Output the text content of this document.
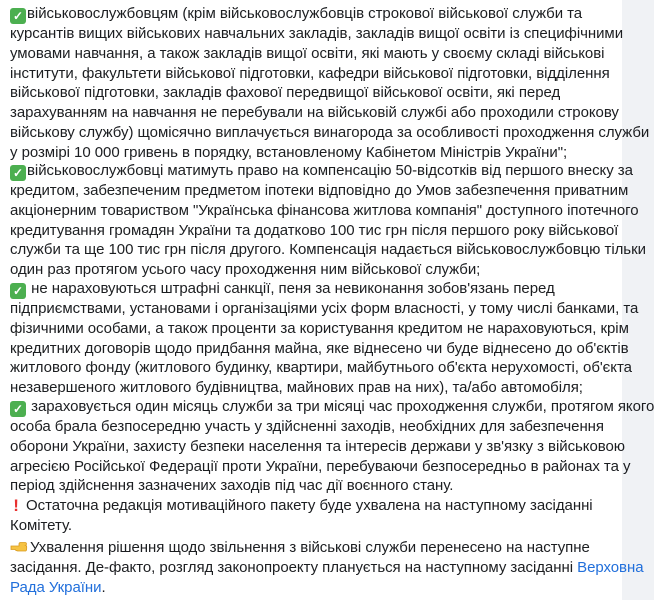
✓ військовослужбовцям (крім військовослужбовців строкової військової служби та
курсантів вищих військових навчальних закладів, закладів вищої освіти із специфічними
умовами навчання, а також закладів вищої освіти, які мають у своєму складі військові
інститути, факультети військової підготовки, кафедри військової підготовки, відділення
військової підготовки, закладів фахової передвищої військової освіти, які перед
зарахуванням на навчання не перебували на військовій службі або проходили строкову
військову службу) щомісячно виплачується винагорода за особливості проходження служби
у розмірі 10 000 гривень в порядку, встановленому Кабінетом Міністрів України";
✓ військовослужбовці матимуть право на компенсацію 50-відсотків від першого внеску за
кредитом, забезпеченим предметом іпотеки відповідно до Умов забезпечення приватним
акціонерним товариством "Українська фінансова житлова компанія" доступного іпотечного
кредитування громадян України та додатково 100 тис грн після першого року військової
служби та ще 100 тис грн після другого. Компенсація надається військовослужбовцю тільки
один раз протягом усього часу проходження ним військової служби;
✓ не нараховуються штрафні санкції, пеня за невиконання зобов'язань перед
підприємствами, установами і організаціями усіх форм власності, у тому числі банками, та
фізичними особами, а також проценти за користування кредитом не нараховуються, крім
кредитних договорів щодо придбання майна, яке віднесено чи буде віднесено до об'єктів
житлового фонду (житлового будинку, квартири, майбутнього об'єкта нерухомості, об'єкта
незавершеного житлового будівництва, майнових прав на них), та/або автомобіля;
✓ зараховується один місяць служби за три місяці час проходження служби, протягом якого
особа брала безпосередню участь у здійсненні заходів, необхідних для забезпечення
оборони України, захисту безпеки населення та інтересів держави у зв'язку з військовою
агресією Російської Федерації проти України, перебуваючи безпосередньо в районах та у
період здійснення зазначених заходів під час дії воєнного стану.
! Остаточна редакція мотиваційного пакету буде ухвалена на наступному засіданні
Комітету.
Ухвалення рішення щодо звільнення з військові служби перенесено на наступне
засідання. Де-факто, розгляд законопроекту планується на наступному засіданні Верховна
Рада України.
